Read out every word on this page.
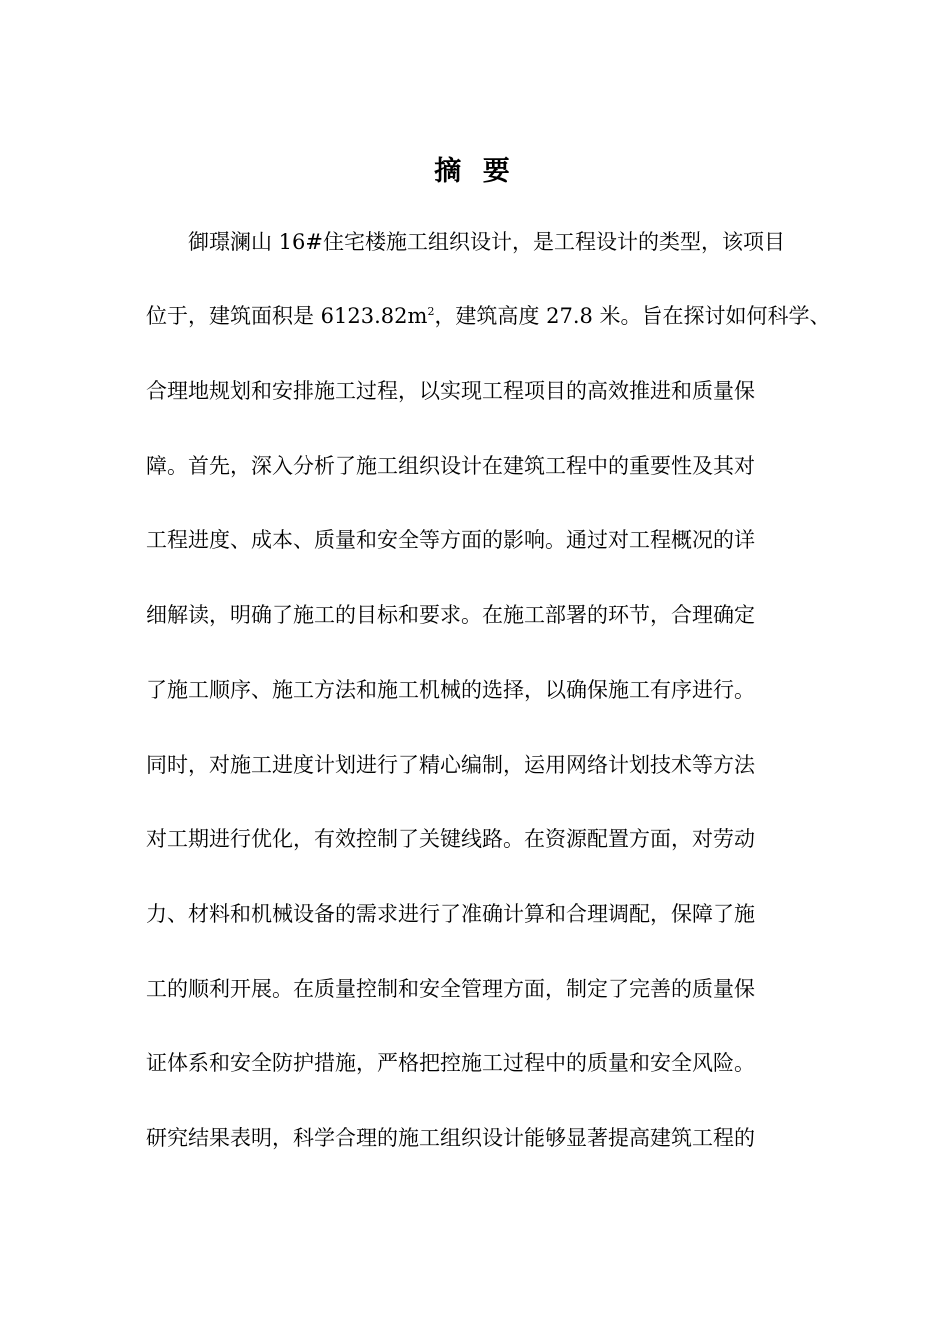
摘 要
御璟澜山 16#住宅楼施工组织设计，是工程设计的类型，该项目
位于，建筑面积是 $6123.82m^2$，建筑高度 27.8 米。旨在探讨如何科学、
合理地规划和安排施工过程，以实现工程项目的高效推进和质量保
障。首先，深入分析了施工组织设计在建筑工程中的重要性及其对
工程进度、成本、质量和安全等方面的影响。通过对工程概况的详
细解读，明确了施工的目标和要求。在施工部署的环节，合理确定
了施工顺序、施工方法和施工机械的选择，以确保施工有序进行。
同时，对施工进度计划进行了精心编制，运用网络计划技术等方法
对工期进行优化，有效控制了关键线路。在资源配置方面，对劳动
力、材料和机械设备的需求进行了准确计算和合理调配，保障了施
工的顺利开展。在质量控制和安全管理方面，制定了完善的质量保
证体系和安全防护措施，严格把控施工过程中的质量和安全风险。
研究结果表明，科学合理的施工组织设计能够显著提高建筑工程的
